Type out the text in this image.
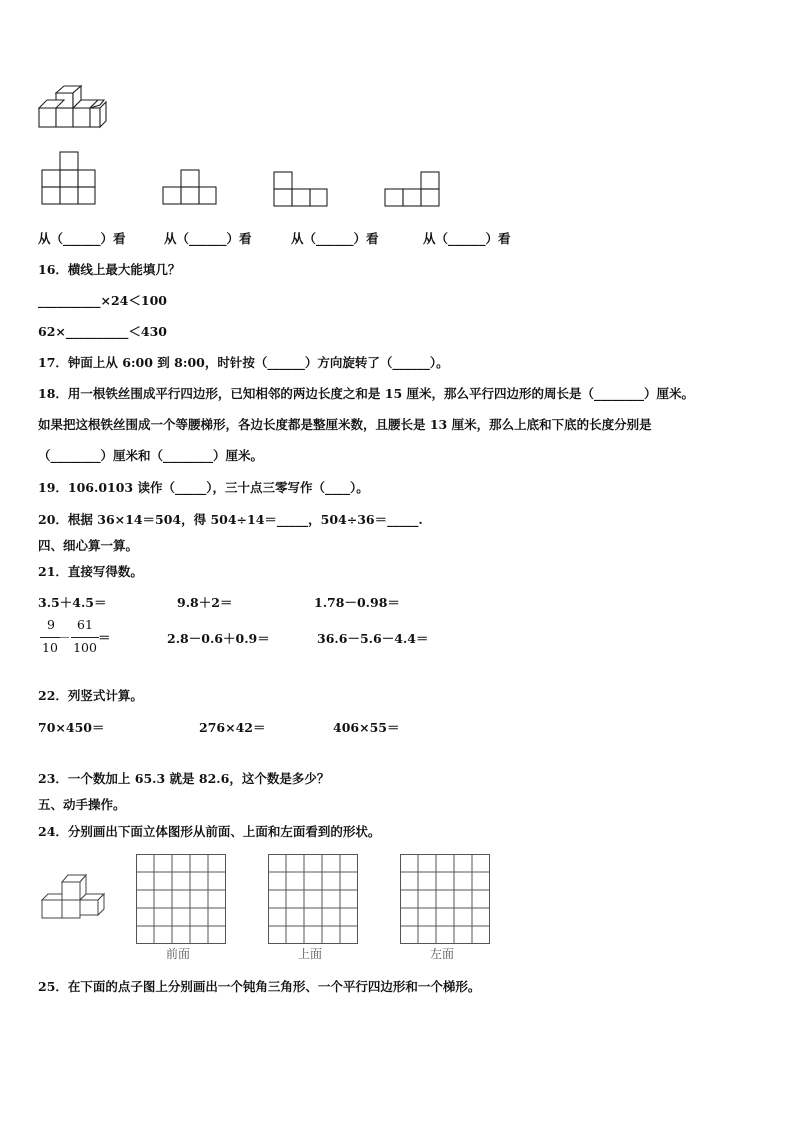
从（______）看	从（______）看	从（______）看	从（______）看
16．横线上最大能填几？
__________×24＜100
62×__________＜430
17．钟面上从 6:00 到 8:00，时针按（______）方向旋转了（______）。
18．用一根铁丝围成平行四边形，已知相邻的两边长度之和是 15 厘米，那么平行四边形的周长是（________）厘米。
如果把这根铁丝围成一个等腰梯形，各边长度都是整厘米数，且腰长是 13 厘米，那么上底和下底的长度分别是
（________）厘米和（________）厘米。
19．106.0103 读作（_____），三十点三零写作（____）。
20．根据 36×14＝504，得 504÷14＝_____，504÷36＝_____.
四、细心算一算。
21．直接写得数。
3.5＋4.5＝	9.8＋2＝	1.78－0.98＝
9
10
－
61
100
＝	2.8－0.6＋0.9＝	36.6－5.6－4.4＝
22．列竖式计算。
70×450＝	276×42＝	406×55＝
23．一个数加上 65.3 就是 82.6，这个数是多少？
五、动手操作。
24．分别画出下面立体图形从前面、上面和左面看到的形状。
前面	上面	左面
25．在下面的点子图上分别画出一个钝角三角形、一个平行四边形和一个梯形。
